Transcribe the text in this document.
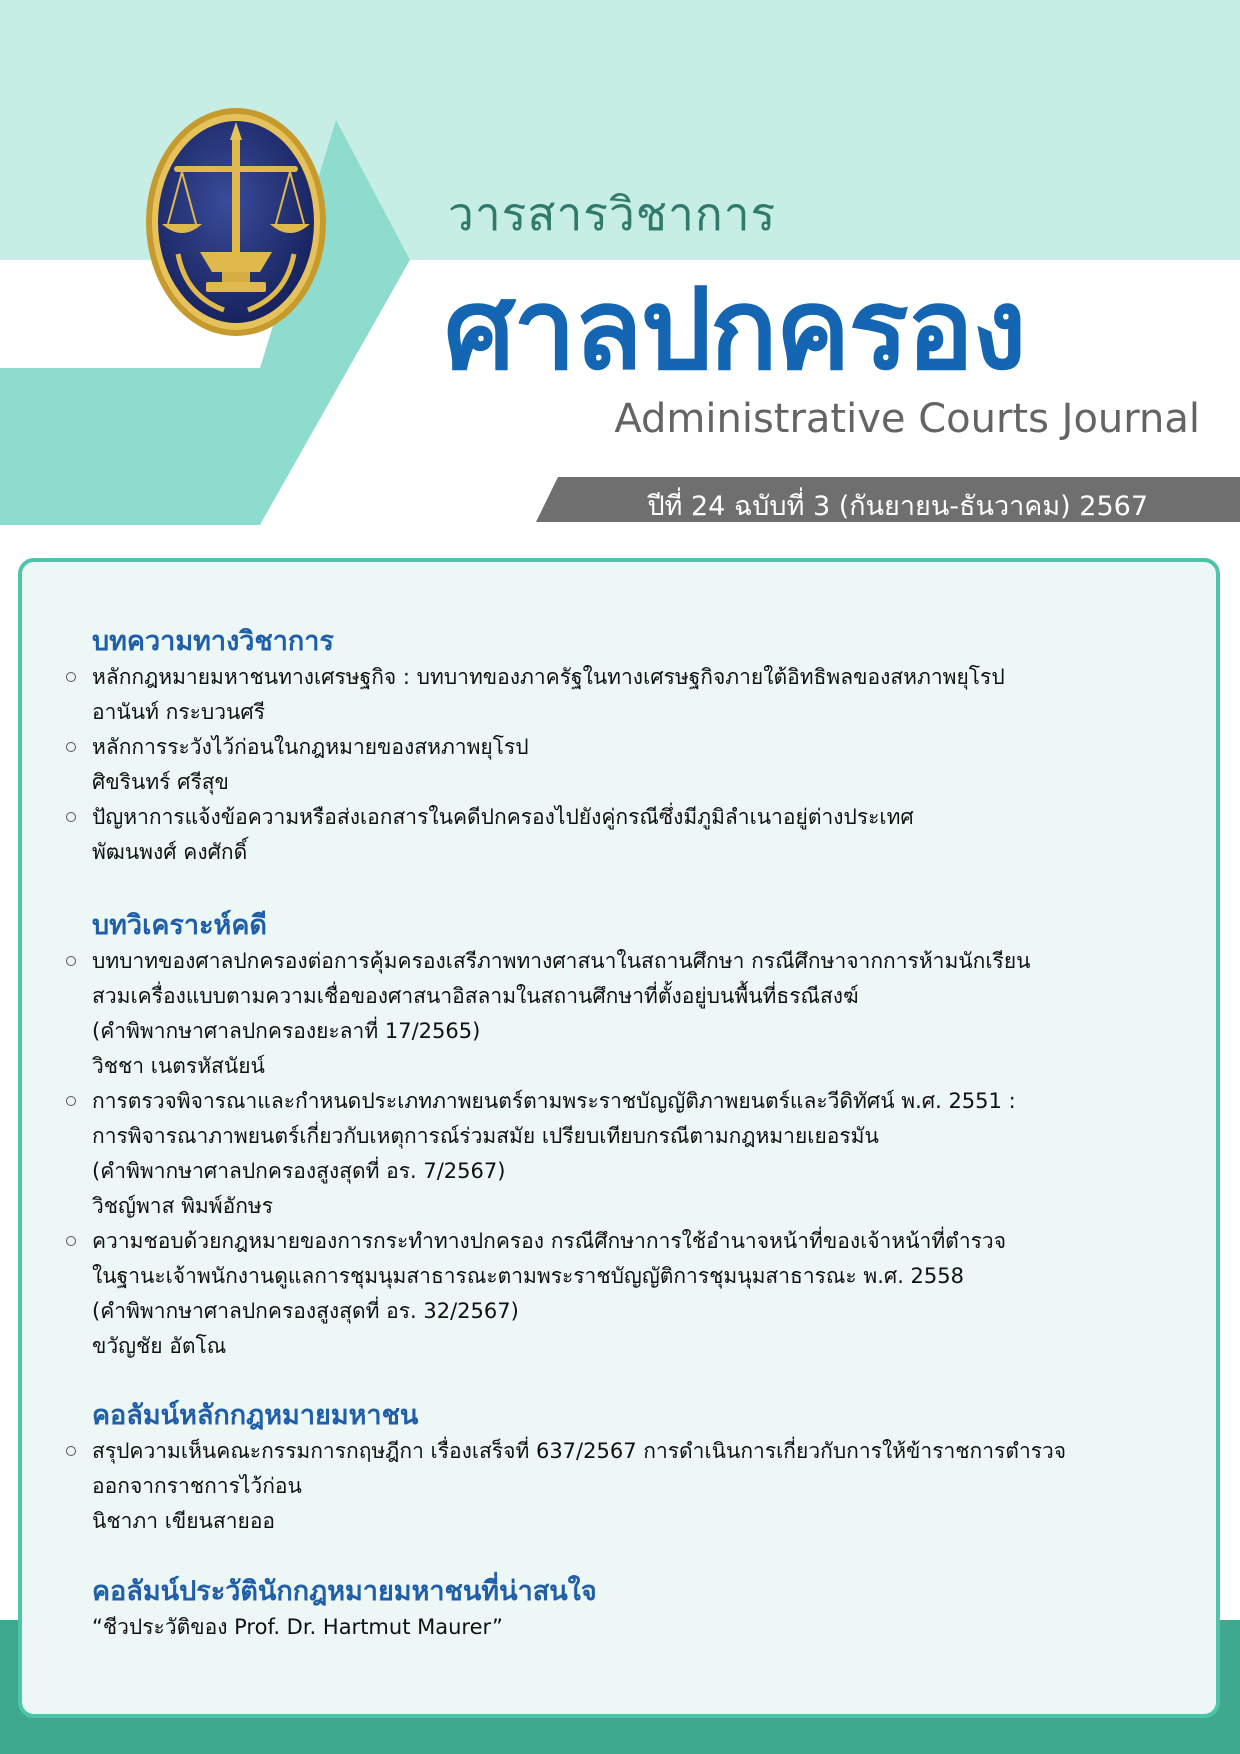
วารสารวิชาการ
ศาลปกครอง
Administrative Courts Journal
ปีที่ 24 ฉบับที่ 3 (กันยายน-ธันวาคม) 2567
บทความทางวิชาการ
หลักกฎหมายมหาชนทางเศรษฐกิจ : บทบาทของภาครัฐในทางเศรษฐกิจภายใต้อิทธิพลของสหภาพยุโรป
อานันท์ กระบวนศรี
หลักการระวังไว้ก่อนในกฎหมายของสหภาพยุโรป
ศิขรินทร์ ศรีสุข
ปัญหาการแจ้งข้อความหรือส่งเอกสารในคดีปกครองไปยังคู่กรณีซึ่งมีภูมิลำเนาอยู่ต่างประเทศ
พัฒนพงศ์ คงศักดิ์
บทวิเคราะห์คดี
บทบาทของศาลปกครองต่อการคุ้มครองเสรีภาพทางศาสนาในสถานศึกษา กรณีศึกษาจากการห้ามนักเรียน
สวมเครื่องแบบตามความเชื่อของศาสนาอิสลามในสถานศึกษาที่ตั้งอยู่บนพื้นที่ธรณีสงฆ์
(คำพิพากษาศาลปกครองยะลาที่ 17/2565)
วิชชา เนตรหัสนัยน์
การตรวจพิจารณาและกำหนดประเภทภาพยนตร์ตามพระราชบัญญัติภาพยนตร์และวีดิทัศน์ พ.ศ. 2551 :
การพิจารณาภาพยนตร์เกี่ยวกับเหตุการณ์ร่วมสมัย เปรียบเทียบกรณีตามกฎหมายเยอรมัน
(คำพิพากษาศาลปกครองสูงสุดที่ อร. 7/2567)
วิชญ์พาส พิมพ์อักษร
ความชอบด้วยกฎหมายของการกระทำทางปกครอง กรณีศึกษาการใช้อำนาจหน้าที่ของเจ้าหน้าที่ตำรวจ
ในฐานะเจ้าพนักงานดูแลการชุมนุมสาธารณะตามพระราชบัญญัติการชุมนุมสาธารณะ พ.ศ. 2558
(คำพิพากษาศาลปกครองสูงสุดที่ อร. 32/2567)
ขวัญชัย อัตโณ
คอลัมน์หลักกฎหมายมหาชน
สรุปความเห็นคณะกรรมการกฤษฎีกา เรื่องเสร็จที่ 637/2567 การดำเนินการเกี่ยวกับการให้ข้าราชการตำรวจ
ออกจากราชการไว้ก่อน
นิชาภา เขียนสายออ
คอลัมน์ประวัตินักกฎหมายมหาชนที่น่าสนใจ
“ชีวประวัติของ Prof. Dr. Hartmut Maurer”
